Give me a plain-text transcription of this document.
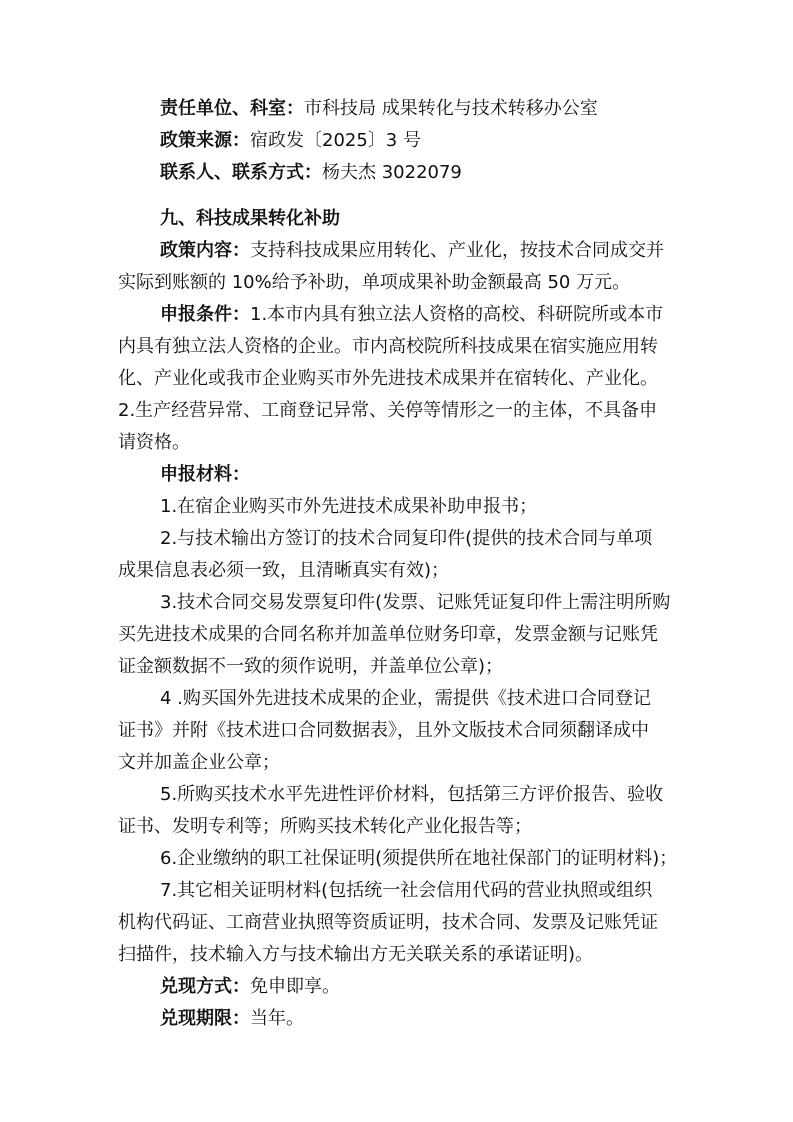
责任单位、科室：市科技局 成果转化与技术转移办公室
政策来源：宿政发〔2025〕3 号
联系人、联系方式：杨夫杰 3022079
九、科技成果转化补助
政策内容：支持科技成果应用转化、产业化，按技术合同成交并
实际到账额的 10%给予补助，单项成果补助金额最高 50 万元。
申报条件：1.本市内具有独立法人资格的高校、科研院所或本市
内具有独立法人资格的企业。市内高校院所科技成果在宿实施应用转
化、产业化或我市企业购买市外先进技术成果并在宿转化、产业化。
2.生产经营异常、工商登记异常、关停等情形之一的主体，不具备申
请资格。
申报材料：
1.在宿企业购买市外先进技术成果补助申报书；
2.与技术输出方签订的技术合同复印件(提供的技术合同与单项
成果信息表必须一致，且清晰真实有效)；
3.技术合同交易发票复印件(发票、记账凭证复印件上需注明所购
买先进技术成果的合同名称并加盖单位财务印章，发票金额与记账凭
证金额数据不一致的须作说明，并盖单位公章)；
4 .购买国外先进技术成果的企业，需提供《技术进口合同登记
证书》并附《技术进口合同数据表》，且外文版技术合同须翻译成中
文并加盖企业公章；
5.所购买技术水平先进性评价材料，包括第三方评价报告、验收
证书、发明专利等；所购买技术转化产业化报告等；
6.企业缴纳的职工社保证明(须提供所在地社保部门的证明材料)；
7.其它相关证明材料(包括统一社会信用代码的营业执照或组织
机构代码证、工商营业执照等资质证明，技术合同、发票及记账凭证
扫描件，技术输入方与技术输出方无关联关系的承诺证明)。
兑现方式：免申即享。
兑现期限：当年。
